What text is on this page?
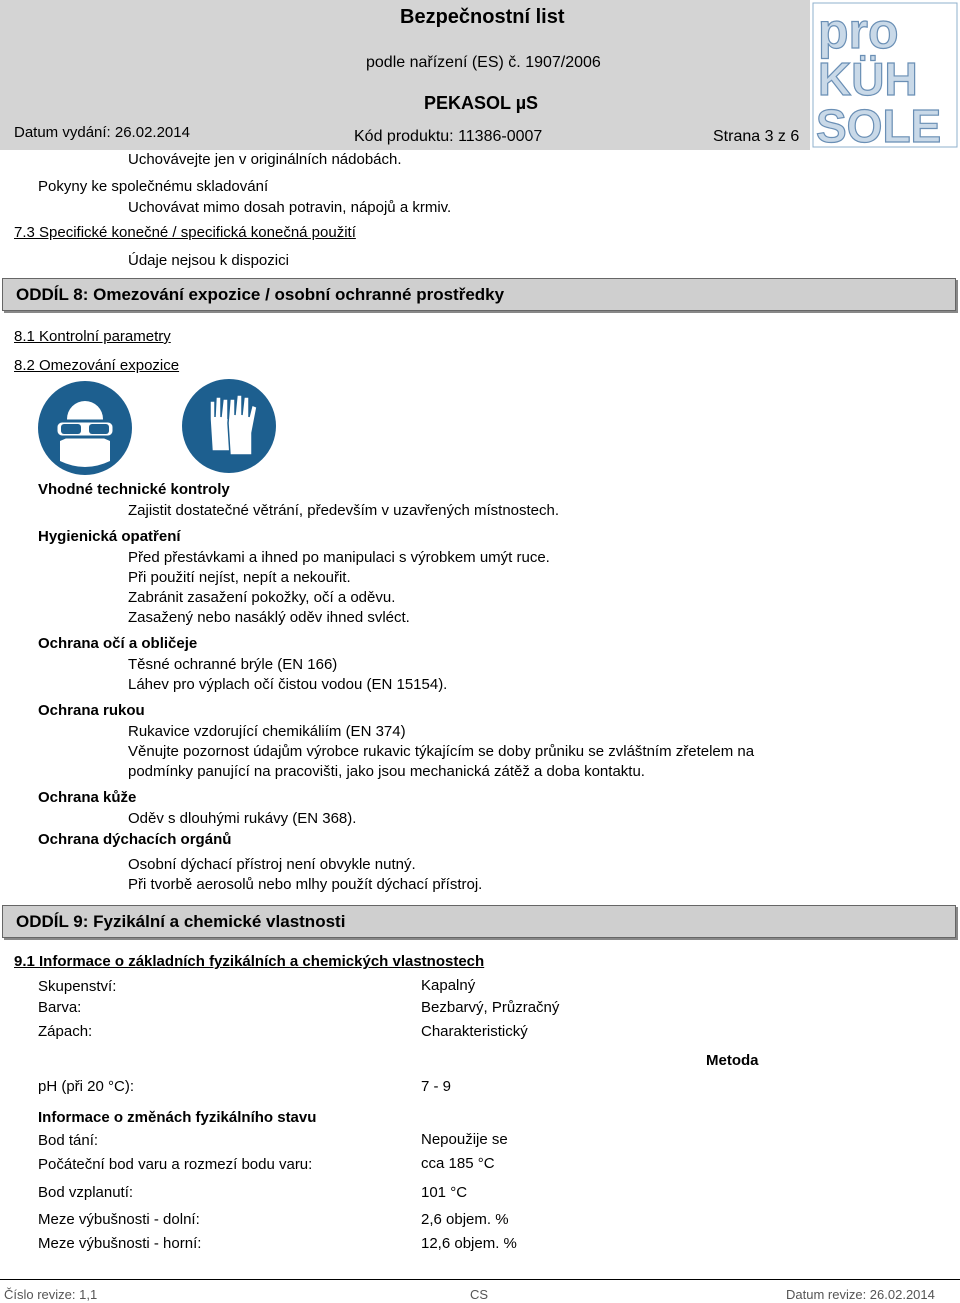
Bezpečnostní list
podle nařízení (ES) č. 1907/2006
PEKASOL µS
Datum vydání: 26.02.2014	Kód produktu: 11386-0007	Strana 3 z 6
pro
KÜH
SOLE
Uchovávejte jen v originálních nádobách.
Pokyny ke společnému skladování
Uchovávat mimo dosah potravin, nápojů a krmiv.
7.3 Specifické konečné / specifická konečná použití
Údaje nejsou k dispozici
ODDÍL 8: Omezování expozice / osobní ochranné prostředky
8.1 Kontrolní parametry
8.2 Omezování expozice
Vhodné technické kontroly
Zajistit dostatečné větrání, především v uzavřených místnostech.
Hygienická opatření
Před přestávkami a ihned po manipulaci s výrobkem umýt ruce.
Při použití nejíst, nepít a nekouřit.
Zabránit zasažení pokožky, očí a oděvu.
Zasažený nebo nasáklý oděv ihned svléct.
Ochrana očí a obličeje
Těsné ochranné brýle (EN 166)
Láhev pro výplach očí čistou vodou (EN 15154).
Ochrana rukou
Rukavice vzdorující chemikáliím (EN 374)
Věnujte pozornost údajům výrobce rukavic týkajícím se doby průniku se zvláštním zřetelem na
podmínky panující na pracovišti, jako jsou mechanická zátěž a doba kontaktu.
Ochrana kůže
Oděv s dlouhými rukávy (EN 368).
Ochrana dýchacích orgánů
Osobní dýchací přístroj není obvykle nutný.
Při tvorbě aerosolů nebo mlhy použít dýchací přístroj.
ODDÍL 9: Fyzikální a chemické vlastnosti
9.1 Informace o základních fyzikálních a chemických vlastnostech
Skupenství:	Kapalný
Barva:	Bezbarvý, Průzračný
Zápach:	Charakteristický
Metoda
pH (při 20 °C):	7 - 9
Informace o změnách fyzikálního stavu
Bod tání:	Nepoužije se
Počáteční bod varu a rozmezí bodu varu:	cca 185 °C
Bod vzplanutí:	101 °C
Meze výbušnosti - dolní:	2,6 objem. %
Meze výbušnosti - horní:	12,6 objem. %
Číslo revize: 1,1	CS	Datum revize: 26.02.2014
